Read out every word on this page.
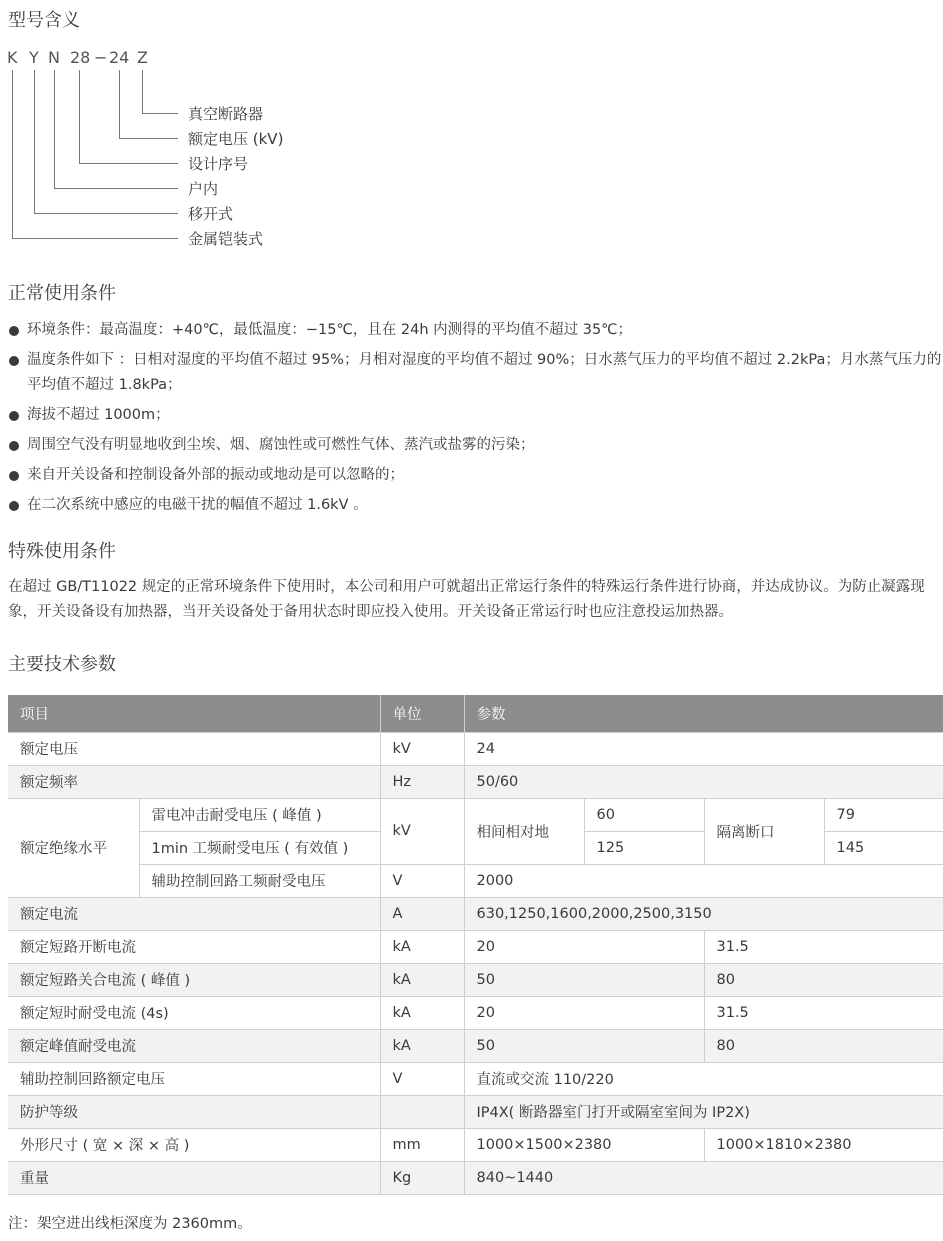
型号含义
K Y N 28 − 24 Z
真空断路器
额定电压 (kV)
设计序号
户内
移开式
金属铠装式
正常使用条件
环境条件：最高温度：+40℃，最低温度：−15℃，且在 24h 内测得的平均值不超过 35℃；
温度条件如下 ：日相对湿度的平均值不超过 95%；月相对湿度的平均值不超过 90%；日水蒸气压力的平均值不超过 2.2kPa；月水蒸气压力的平均值不超过 1.8kPa；
海拔不超过 1000m；
周围空气没有明显地收到尘埃、烟、腐蚀性或可燃性气体、蒸汽或盐雾的污染；
来自开关设备和控制设备外部的振动或地动是可以忽略的；
在二次系统中感应的电磁干扰的幅值不超过 1.6kV 。
特殊使用条件
在超过 GB/T11022 规定的正常环境条件下使用时，本公司和用户可就超出正常运行条件的特殊运行条件进行协商，并达成协议。为防止凝露现象，开关设备设有加热器，当开关设备处于备用状态时即应投入使用。开关设备正常运行时也应注意投运加热器。
主要技术参数
项目		单位	参数			
额定电压		kV	24			
额定频率		Hz	50/60			
额定绝缘水平	雷电冲击耐受电压 ( 峰值 )	kV	相间相对地	60	隔离断口	79
	1min 工频耐受电压 ( 有效值 )			125		145
	辅助控制回路工频耐受电压	V	2000			
额定电流		A	630,1250,1600,2000,2500,3150			
额定短路开断电流		kA	20		31.5	
额定短路关合电流 ( 峰值 )		kA	50		80	
额定短时耐受电流 (4s)		kA	20		31.5	
额定峰值耐受电流		kA	50		80	
辅助控制回路额定电压		V	直流或交流 110/220			
防护等级			IP4X( 断路器室门打开或隔室室间为 IP2X)			
外形尺寸 ( 宽 × 深 × 高 )		mm	1000×1500×2380		1000×1810×2380	
重量		Kg	840~1440			
注：架空进出线柜深度为 2360mm。
